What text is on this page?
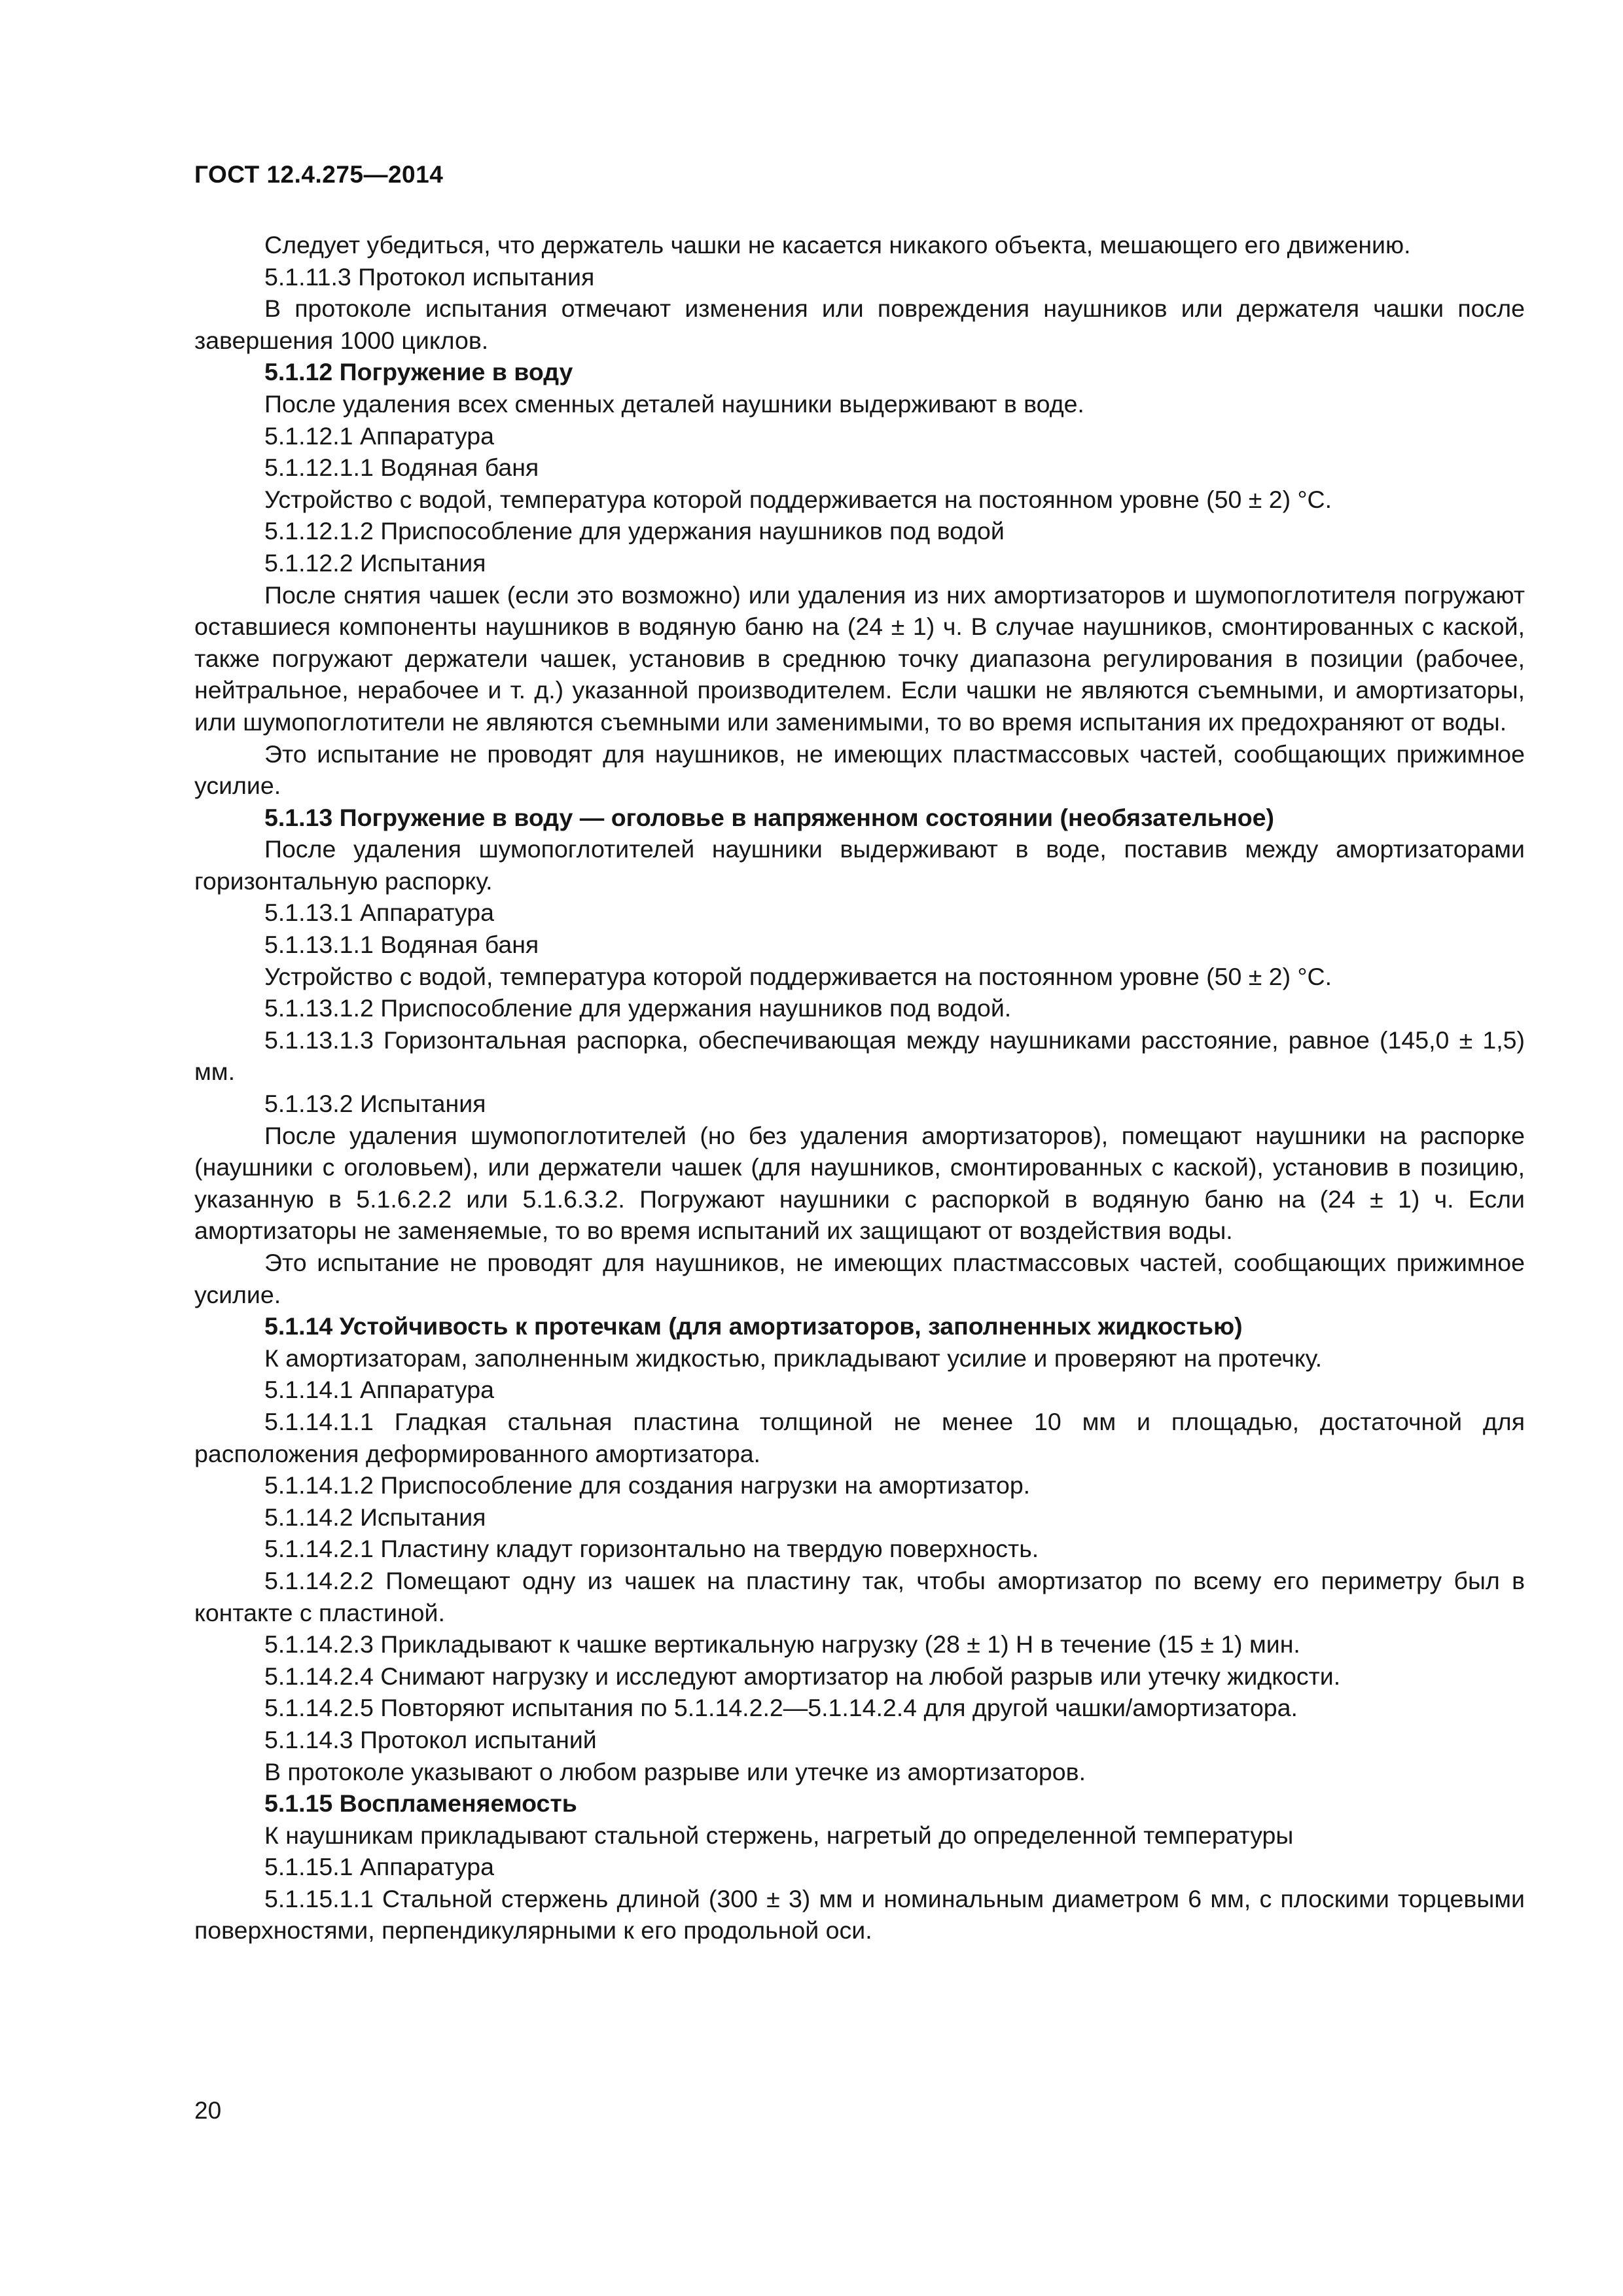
ГОСТ 12.4.275—2014

Следует убедиться, что держатель чашки не касается никакого объекта, мешающего его движению.

5.1.11.3 Протокол испытания

В протоколе испытания отмечают изменения или повреждения наушников или держателя чашки после завершения 1000 циклов.

5.1.12 Погружение в воду

После удаления всех сменных деталей наушники выдерживают в воде.

5.1.12.1 Аппаратура

5.1.12.1.1 Водяная баня

Устройство с водой, температура которой поддерживается на постоянном уровне (50 ± 2) °С.

5.1.12.1.2 Приспособление для удержания наушников под водой

5.1.12.2 Испытания

После снятия чашек (если это возможно) или удаления из них амортизаторов и шумопоглотителя погружают оставшиеся компоненты наушников в водяную баню на (24 ± 1) ч. В случае наушников, смонтированных с каской, также погружают держатели чашек, установив в среднюю точку диапазона регулирования в позиции (рабочее, нейтральное, нерабочее и т. д.) указанной производителем. Если чашки не являются съемными, и амортизаторы, или шумопоглотители не являются съемными или заменимыми, то во время испытания их предохраняют от воды.

Это испытание не проводят для наушников, не имеющих пластмассовых частей, сообщающих прижимное усилие.

5.1.13 Погружение в воду — оголовье в напряженном состоянии (необязательное)

После удаления шумопоглотителей наушники выдерживают в воде, поставив между амортизаторами горизонтальную распорку.

5.1.13.1 Аппаратура

5.1.13.1.1 Водяная баня

Устройство с водой, температура которой поддерживается на постоянном уровне (50 ± 2) °С.

5.1.13.1.2 Приспособление для удержания наушников под водой.

5.1.13.1.3 Горизонтальная распорка, обеспечивающая между наушниками расстояние, равное (145,0 ± 1,5) мм.

5.1.13.2 Испытания

После удаления шумопоглотителей (но без удаления амортизаторов), помещают наушники на распорке (наушники с оголовьем), или держатели чашек (для наушников, смонтированных с каской), установив в позицию, указанную в 5.1.6.2.2 или 5.1.6.3.2. Погружают наушники с распоркой в водяную баню на (24 ± 1) ч. Если амортизаторы не заменяемые, то во время испытаний их защищают от воздействия воды.

Это испытание не проводят для наушников, не имеющих пластмассовых частей, сообщающих прижимное усилие.

5.1.14 Устойчивость к протечкам (для амортизаторов, заполненных жидкостью)

К амортизаторам, заполненным жидкостью, прикладывают усилие и проверяют на протечку.

5.1.14.1 Аппаратура

5.1.14.1.1 Гладкая стальная пластина толщиной не менее 10 мм и площадью, достаточной для расположения деформированного амортизатора.

5.1.14.1.2 Приспособление для создания нагрузки на амортизатор.

5.1.14.2 Испытания

5.1.14.2.1 Пластину кладут горизонтально на твердую поверхность.

5.1.14.2.2 Помещают одну из чашек на пластину так, чтобы амортизатор по всему его периметру был в контакте с пластиной.

5.1.14.2.3 Прикладывают к чашке вертикальную нагрузку (28 ± 1) Н в течение (15 ± 1) мин.

5.1.14.2.4 Снимают нагрузку и исследуют амортизатор на любой разрыв или утечку жидкости.

5.1.14.2.5 Повторяют испытания по 5.1.14.2.2—5.1.14.2.4 для другой чашки/амортизатора.

5.1.14.3 Протокол испытаний

В протоколе указывают о любом разрыве или утечке из амортизаторов.

5.1.15 Воспламеняемость

К наушникам прикладывают стальной стержень, нагретый до определенной температуры

5.1.15.1 Аппаратура

5.1.15.1.1 Стальной стержень длиной (300 ± 3) мм и номинальным диаметром 6 мм, с плоскими торцевыми поверхностями, перпендикулярными к его продольной оси.

20
